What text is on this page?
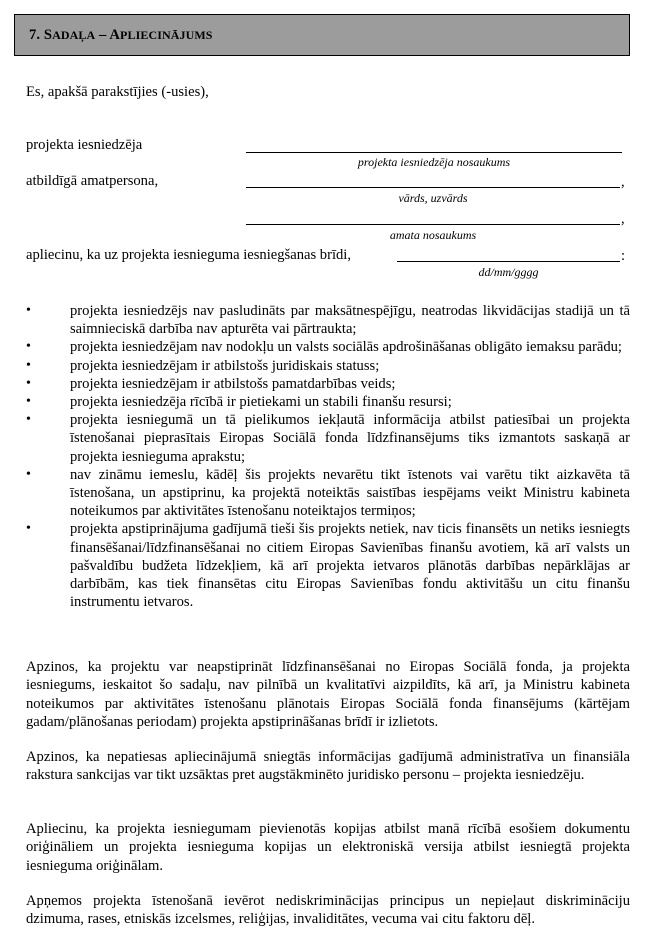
7. SADAĻA – APLIECINĀJUMS
Es, apakšā parakstījies (-usies),
projekta iesniedzēja
projekta iesniedzēja nosaukums
atbildīgā amatpersona,	,
vārds, uzvārds
,
amata nosaukums
apliecinu, ka uz projekta iesnieguma iesniegšanas brīdi,	:
dd/mm/gggg
•	projekta iesniedzējs nav pasludināts par maksātnespējīgu, neatrodas likvidācijas stadijā un tā saimnieciskā darbība nav apturēta vai pārtraukta;
•	projekta iesniedzējam nav nodokļu un valsts sociālās apdrošināšanas obligāto iemaksu parādu;
•	projekta iesniedzējam ir atbilstošs juridiskais statuss;
•	projekta iesniedzējam ir atbilstošs pamatdarbības veids;
•	projekta iesniedzēja rīcībā ir pietiekami un stabili finanšu resursi;
•	projekta iesniegumā un tā pielikumos iekļautā informācija atbilst patiesībai un projekta īstenošanai pieprasītais Eiropas Sociālā fonda līdzfinansējums tiks izmantots saskaņā ar projekta iesnieguma aprakstu;
•	nav zināmu iemeslu, kādēļ šis projekts nevarētu tikt īstenots vai varētu tikt aizkavēta tā īstenošana, un apstiprinu, ka projektā noteiktās saistības iespējams veikt Ministru kabineta noteikumos par aktivitātes īstenošanu noteiktajos termiņos;
•	projekta apstiprinājuma gadījumā tieši šis projekts netiek, nav ticis finansēts un netiks iesniegts finansēšanai/līdzfinansēšanai no citiem Eiropas Savienības finanšu avotiem, kā arī valsts un pašvaldību budžeta līdzekļiem, kā arī projekta ietvaros plānotās darbības nepārklājas ar darbībām, kas tiek finansētas citu Eiropas Savienības fondu aktivitāšu un citu finanšu instrumentu ietvaros.
Apzinos, ka projektu var neapstiprināt līdzfinansēšanai no Eiropas Sociālā fonda, ja projekta iesniegums, ieskaitot šo sadaļu, nav pilnībā un kvalitatīvi aizpildīts, kā arī, ja Ministru kabineta noteikumos par aktivitātes īstenošanu plānotais Eiropas Sociālā fonda finansējums (kārtējam gadam/plānošanas periodam) projekta apstiprināšanas brīdī ir izlietots.
Apzinos, ka nepatiesas apliecinājumā sniegtās informācijas gadījumā administratīva un finansiāla rakstura sankcijas var tikt uzsāktas pret augstākminēto juridisko personu – projekta iesniedzēju.
Apliecinu, ka projekta iesniegumam pievienotās kopijas atbilst manā rīcībā esošiem dokumentu oriģināliem un projekta iesnieguma kopijas un elektroniskā versija atbilst iesniegtā projekta iesnieguma oriģinālam.
Apņemos projekta īstenošanā ievērot nediskriminācijas principus un nepieļaut diskrimināciju dzimuma, rases, etniskās izcelsmes, reliģijas, invaliditātes, vecuma vai citu faktoru dēļ.
